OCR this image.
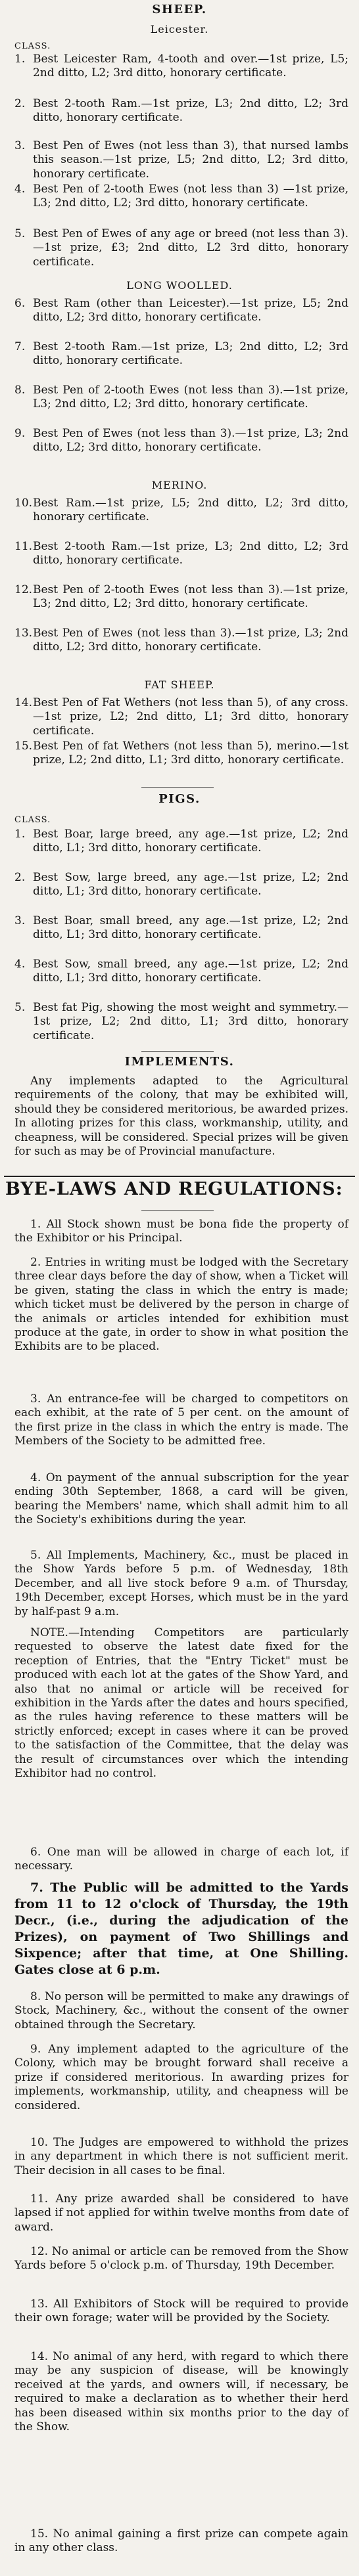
SHEEP.
Leicester.
CLASS.
1. Best Leicester Ram, 4-tooth and over.—1st prize, L5; 2nd ditto, L2; 3rd ditto, honorary certificate.
2. Best 2-tooth Ram.—1st prize, L3; 2nd ditto, L2; 3rd ditto, honorary certificate.
3. Best Pen of Ewes (not less than 3), that nursed lambs this season.—1st prize, L5; 2nd ditto, L2; 3rd ditto, honorary certificate.
4. Best Pen of 2-tooth Ewes (not less than 3) —1st prize, L3; 2nd ditto, L2; 3rd ditto, honorary certificate.
5. Best Pen of Ewes of any age or breed (not less than 3).—1st prize, £3; 2nd ditto, L2 3rd ditto, honorary certificate.
LONG WOOLLED.
6. Best Ram (other than Leicester).—1st prize, L5; 2nd ditto, L2; 3rd ditto, honorary certificate.
7. Best 2-tooth Ram.—1st prize, L3; 2nd ditto, L2; 3rd ditto, honorary certificate.
8. Best Pen of 2-tooth Ewes (not less than 3).—1st prize, L3; 2nd ditto, L2; 3rd ditto, honorary certificate.
9. Best Pen of Ewes (not less than 3).—1st prize, L3; 2nd ditto, L2; 3rd ditto, honorary certificate.
MERINO.
10.Best Ram.—1st prize, L5; 2nd ditto, L2; 3rd ditto, honorary certificate.
11.Best 2-tooth Ram.—1st prize, L3; 2nd ditto, L2; 3rd ditto, honorary certificate.
12.Best Pen of 2-tooth Ewes (not less than 3).—1st prize, L3; 2nd ditto, L2; 3rd ditto, honorary certificate.
13.Best Pen of Ewes (not less than 3).—1st prize, L3; 2nd ditto, L2; 3rd ditto, honorary certificate.
FAT SHEEP.
14.Best Pen of Fat Wethers (not less than 5), of any cross.—1st prize, L2; 2nd ditto, L1; 3rd ditto, honorary certificate.
15.Best Pen of fat Wethers (not less than 5), merino.—1st prize, L2; 2nd ditto, L1; 3rd ditto, honorary certificate.
PIGS.
CLASS.
1. Best Boar, large breed, any age.—1st prize, L2; 2nd ditto, L1; 3rd ditto, honorary certificate.
2. Best Sow, large breed, any age.—1st prize, L2; 2nd ditto, L1; 3rd ditto, honorary certificate.
3. Best Boar, small breed, any age.—1st prize, L2; 2nd ditto, L1; 3rd ditto, honorary certificate.
4. Best Sow, small breed, any age.—1st prize, L2; 2nd ditto, L1; 3rd ditto, honorary certificate.
5. Best fat Pig, showing the most weight and symmetry.—1st prize, L2; 2nd ditto, L1; 3rd ditto, honorary certificate.
IMPLEMENTS.
Any implements adapted to the Agricultural requirements of the colony, that may be exhibited will, should they be considered meritorious, be awarded prizes. In alloting prizes for this class, workmanship, utility, and cheapness, will be considered. Special prizes will be given for such as may be of Provincial manufacture.
BYE-LAWS AND REGULATIONS:
1. All Stock shown must be bona fide the property of the Exhibitor or his Principal.
2. Entries in writing must be lodged with the Secretary three clear days before the day of show, when a Ticket will be given, stating the class in which the entry is made; which ticket must be delivered by the person in charge of the animals or articles intended for exhibition must produce at the gate, in order to show in what position the Exhibits are to be placed.
3. An entrance-fee will be charged to competitors on each exhibit, at the rate of 5 per cent. on the amount of the first prize in the class in which the entry is made. The Members of the Society to be admitted free.
4. On payment of the annual subscription for the year ending 30th September, 1868, a card will be given, bearing the Members' name, which shall admit him to all the Society's exhibitions during the year.
5. All Implements, Machinery, &c., must be placed in the Show Yards before 5 p.m. of Wednesday, 18th December, and all live stock before 9 a.m. of Thursday, 19th December, except Horses, which must be in the yard by half-past 9 a.m.
NOTE.—Intending Competitors are particularly requested to observe the latest date fixed for the reception of Entries, that the "Entry Ticket" must be produced with each lot at the gates of the Show Yard, and also that no animal or article will be received for exhibition in the Yards after the dates and hours specified, as the rules having reference to these matters will be strictly enforced; except in cases where it can be proved to the satisfaction of the Committee, that the delay was the result of circumstances over which the intending Exhibitor had no control.
6. One man will be allowed in charge of each lot, if necessary.
7. The Public will be admitted to the Yards from 11 to 12 o'clock of Thursday, the 19th Decr., (i.e., during the adjudication of the Prizes), on payment of Two Shillings and Sixpence; after that time, at One Shilling. Gates close at 6 p.m.
8. No person will be permitted to make any drawings of Stock, Machinery, &c., without the consent of the owner obtained through the Secretary.
9. Any implement adapted to the agriculture of the Colony, which may be brought forward shall receive a prize if considered meritorious. In awarding prizes for implements, workmanship, utility, and cheapness will be considered.
10. The Judges are empowered to withhold the prizes in any department in which there is not sufficient merit. Their decision in all cases to be final.
11. Any prize awarded shall be considered to have lapsed if not applied for within twelve months from date of award.
12. No animal or article can be removed from the Show Yards before 5 o'clock p.m. of Thursday, 19th December.
13. All Exhibitors of Stock will be required to provide their own forage; water will be provided by the Society.
14. No animal of any herd, with regard to which there may be any suspicion of disease, will be knowingly received at the yards, and owners will, if necessary, be required to make a declaration as to whether their herd has been diseased within six months prior to the day of the Show.
15. No animal gaining a first prize can compete again in any other class.
